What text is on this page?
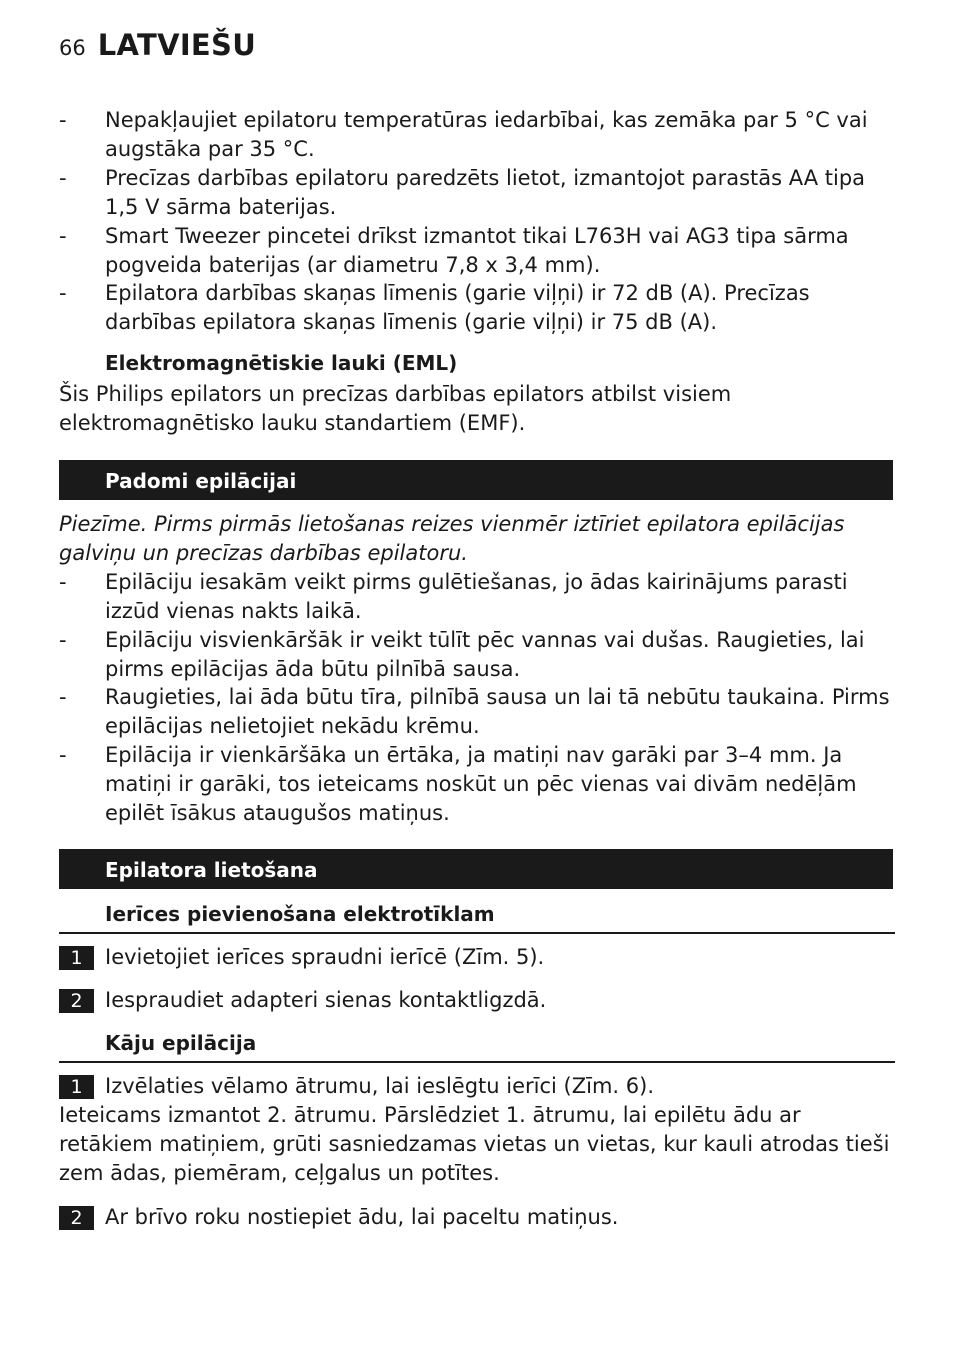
66 LATVIEŠU
- Nepakļaujiet epilatoru temperatūras iedarbībai, kas zemāka par 5 °C vai augstāka par 35 °C.
- Precīzas darbības epilatoru paredzēts lietot, izmantojot parastās AA tipa 1,5 V sārma baterijas.
- Smart Tweezer pincetei drīkst izmantot tikai L763H vai AG3 tipa sārma pogveida baterijas (ar diametru 7,8 x 3,4 mm).
- Epilatora darbības skaņas līmenis (garie viļņi) ir 72 dB (A). Precīzas darbības epilatora skaņas līmenis (garie viļņi) ir 75 dB (A).
Elektromagnētiskie lauki (EML)
Šis Philips epilators un precīzas darbības epilators atbilst visiem elektromagnētisko lauku standartiem (EMF).
Padomi epilācijai
Piezīme. Pirms pirmās lietošanas reizes vienmēr iztīriet epilatora epilācijas galviņu un precīzas darbības epilatoru.
- Epilāciju iesakām veikt pirms gulētiešanas, jo ādas kairinājums parasti izzūd vienas nakts laikā.
- Epilāciju visvienkāršāk ir veikt tūlīt pēc vannas vai dušas. Raugieties, lai pirms epilācijas āda būtu pilnībā sausa.
- Raugieties, lai āda būtu tīra, pilnībā sausa un lai tā nebūtu taukaina. Pirms epilācijas nelietojiet nekādu krēmu.
- Epilācija ir vienkāršāka un ērtāka, ja matiņi nav garāki par 3–4 mm. Ja matiņi ir garāki, tos ieteicams noskūt un pēc vienas vai divām nedēļām epilēt īsākus ataugušos matiņus.
Epilatora lietošana
Ierīces pievienošana elektrotīklam
1	Ievietojiet ierīces spraudni ierīcē (Zīm. 5).
2	Iespraudiet adapteri sienas kontaktligzdā.
Kāju epilācija
1	Izvēlaties vēlamo ātrumu, lai ieslēgtu ierīci (Zīm. 6).
Ieteicams izmantot 2. ātrumu. Pārslēdziet 1. ātrumu, lai epilētu ādu ar retākiem matiņiem, grūti sasniedzamas vietas un vietas, kur kauli atrodas tieši zem ādas, piemēram, ceļgalus un potītes.
2	Ar brīvo roku nostiepiet ādu, lai paceltu matiņus.
